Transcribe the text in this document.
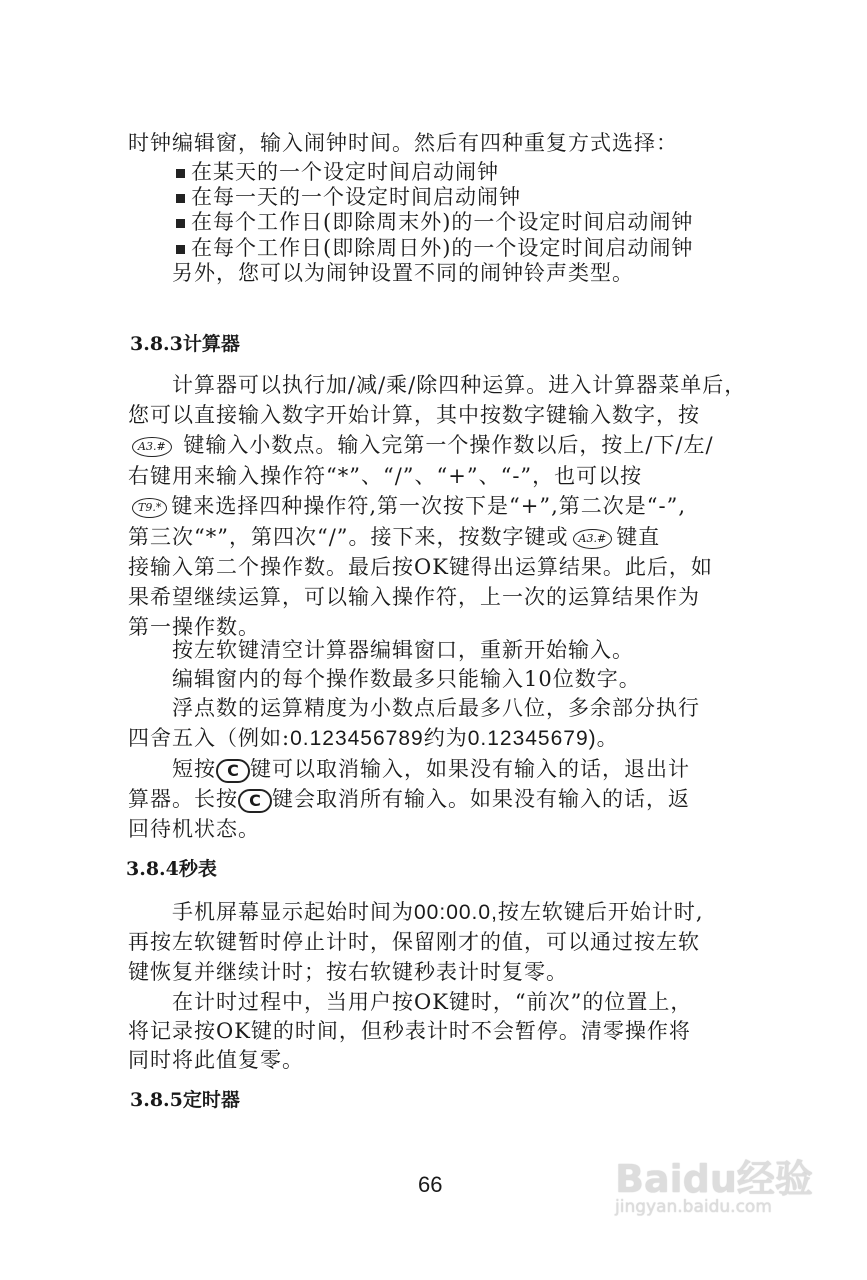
时钟编辑窗，输入闹钟时间。然后有四种重复方式选择：
在某天的一个设定时间启动闹钟
在每一天的一个设定时间启动闹钟
在每个工作日(即除周末外)的一个设定时间启动闹钟
在每个工作日(即除周日外)的一个设定时间启动闹钟
另外，您可以为闹钟设置不同的闹钟铃声类型。
3.8.3计算器
计算器可以执行加/减/乘/除四种运算。进入计算器菜单后，
您可以直接输入数字开始计算，其中按数字键输入数字，按
A3.# 键输入小数点。输入完第一个操作数以后，按上/下/左/
右键用来输入操作符“*”、“/”、“+”、“-”，也可以按
T9.* 键来选择四种操作符,第一次按下是“+”,第二次是“-”,
第三次“*”，第四次“/”。接下来，按数字键或 A3.# 键直
接输入第二个操作数。最后按OK键得出运算结果。此后，如
果希望继续运算，可以输入操作符，上一次的运算结果作为
第一操作数。
按左软键清空计算器编辑窗口，重新开始输入。
编辑窗内的每个操作数最多只能输入10位数字。
浮点数的运算精度为小数点后最多八位，多余部分执行
四舍五入（例如:0.123456789约为0.12345679)。
短按 C 键可以取消输入，如果没有输入的话，退出计
算器。长按 C 键会取消所有输入。如果没有输入的话，返
回待机状态。
3.8.4秒表
手机屏幕显示起始时间为00:00.0,按左软键后开始计时,
再按左软键暂时停止计时，保留刚才的值，可以通过按左软
键恢复并继续计时；按右软键秒表计时复零。
在计时过程中，当用户按OK键时，“前次”的位置上，
将记录按OK键的时间，但秒表计时不会暂停。清零操作将
同时将此值复零。
3.8.5定时器
66	Baidu经验
jingyan.baidu.com
